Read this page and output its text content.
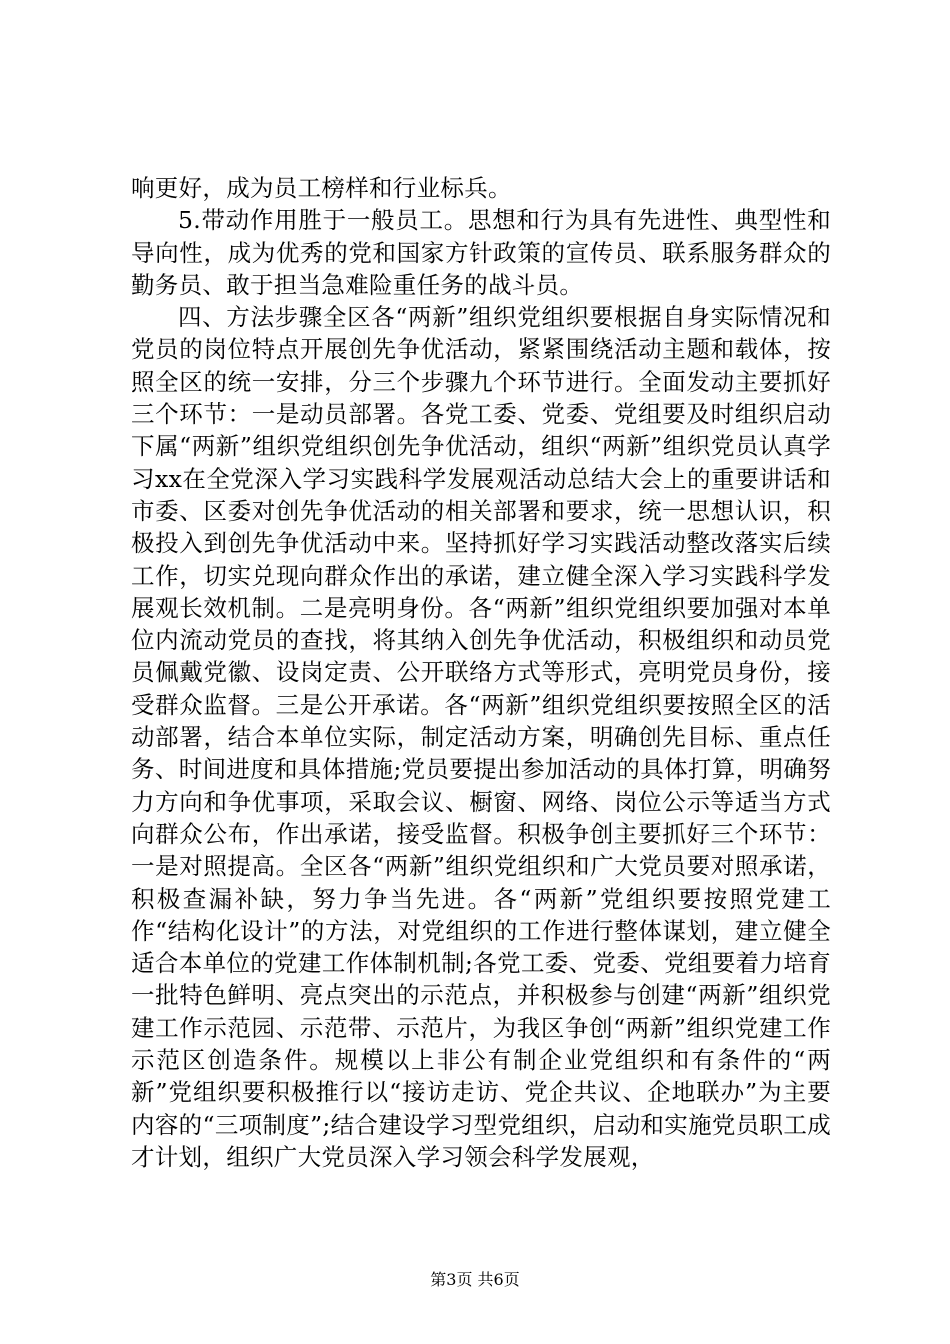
响更好，成为员工榜样和行业标兵。

5.带动作用胜于一般员工。思想和行为具有先进性、典型性和导向性，成为优秀的党和国家方针政策的宣传员、联系服务群众的勤务员、敢于担当急难险重任务的战斗员。

四、方法步骤全区各“两新”组织党组织要根据自身实际情况和党员的岗位特点开展创先争优活动，紧紧围绕活动主题和载体，按照全区的统一安排，分三个步骤九个环节进行。全面发动主要抓好三个环节：一是动员部署。各党工委、党委、党组要及时组织启动下属“两新”组织党组织创先争优活动，组织“两新”组织党员认真学习xx在全党深入学习实践科学发展观活动总结大会上的重要讲话和市委、区委对创先争优活动的相关部署和要求，统一思想认识，积极投入到创先争优活动中来。坚持抓好学习实践活动整改落实后续工作，切实兑现向群众作出的承诺，建立健全深入学习实践科学发展观长效机制。二是亮明身份。各“两新”组织党组织要加强对本单位内流动党员的查找，将其纳入创先争优活动，积极组织和动员党员佩戴党徽、设岗定责、公开联络方式等形式，亮明党员身份，接受群众监督。三是公开承诺。各“两新”组织党组织要按照全区的活动部署，结合本单位实际，制定活动方案，明确创先目标、重点任务、时间进度和具体措施;党员要提出参加活动的具体打算，明确努力方向和争优事项，采取会议、橱窗、网络、岗位公示等适当方式向群众公布，作出承诺，接受监督。积极争创主要抓好三个环节：一是对照提高。全区各“两新”组织党组织和广大党员要对照承诺，积极查漏补缺，努力争当先进。各“两新”党组织要按照党建工作“结构化设计”的方法，对党组织的工作进行整体谋划，建立健全适合本单位的党建工作体制机制;各党工委、党委、党组要着力培育一批特色鲜明、亮点突出的示范点，并积极参与创建“两新”组织党建工作示范园、示范带、示范片，为我区争创“两新”组织党建工作示范区创造条件。规模以上非公有制企业党组织和有条件的“两新”党组织要积极推行以“接访走访、党企共议、企地联办”为主要内容的“三项制度”;结合建设学习型党组织，启动和实施党员职工成才计划，组织广大党员深入学习领会科学发展观，

第3页 共6页
